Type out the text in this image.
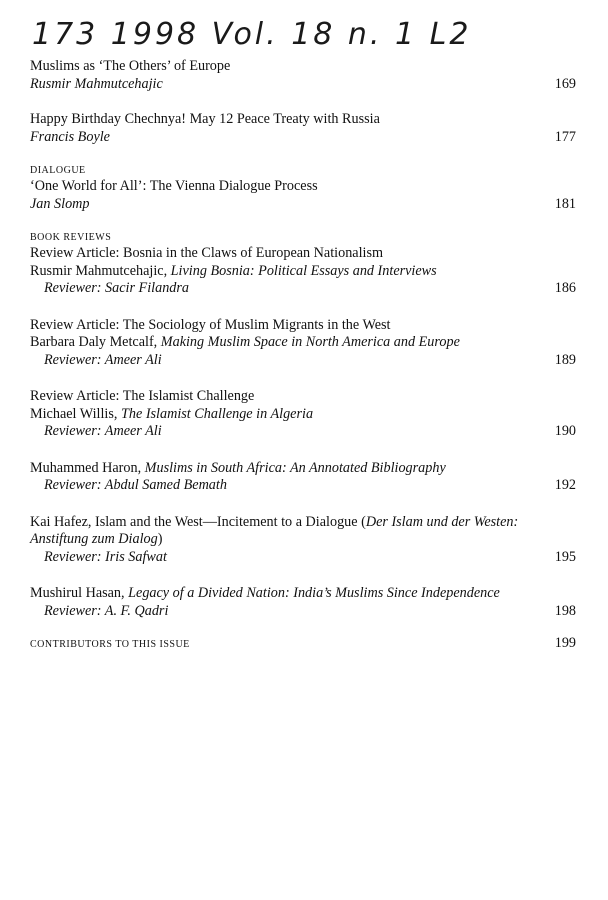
173 1998 Vol. 18 n. 1 L2
Muslims as ‘The Others’ of Europe
Rusmir Mahmutcehajic	169
Happy Birthday Chechnya! May 12 Peace Treaty with Russia
Francis Boyle	177
DIALOGUE
‘One World for All’: The Vienna Dialogue Process
Jan Slomp	181
BOOK REVIEWS
Review Article: Bosnia in the Claws of European Nationalism
Rusmir Mahmutcehajic, Living Bosnia: Political Essays and Interviews
Reviewer: Sacir Filandra	186
Review Article: The Sociology of Muslim Migrants in the West
Barbara Daly Metcalf, Making Muslim Space in North America and Europe
Reviewer: Ameer Ali	189
Review Article: The Islamist Challenge
Michael Willis, The Islamist Challenge in Algeria
Reviewer: Ameer Ali	190
Muhammed Haron, Muslims in South Africa: An Annotated Bibliography
Reviewer: Abdul Samed Bemath	192
Kai Hafez, Islam and the West—Incitement to a Dialogue (Der Islam und der Westen: Anstiftung zum Dialog)
Reviewer: Iris Safwat	195
Mushirul Hasan, Legacy of a Divided Nation: India’s Muslims Since Independence
Reviewer: A. F. Qadri	198
CONTRIBUTORS TO THIS ISSUE	199
